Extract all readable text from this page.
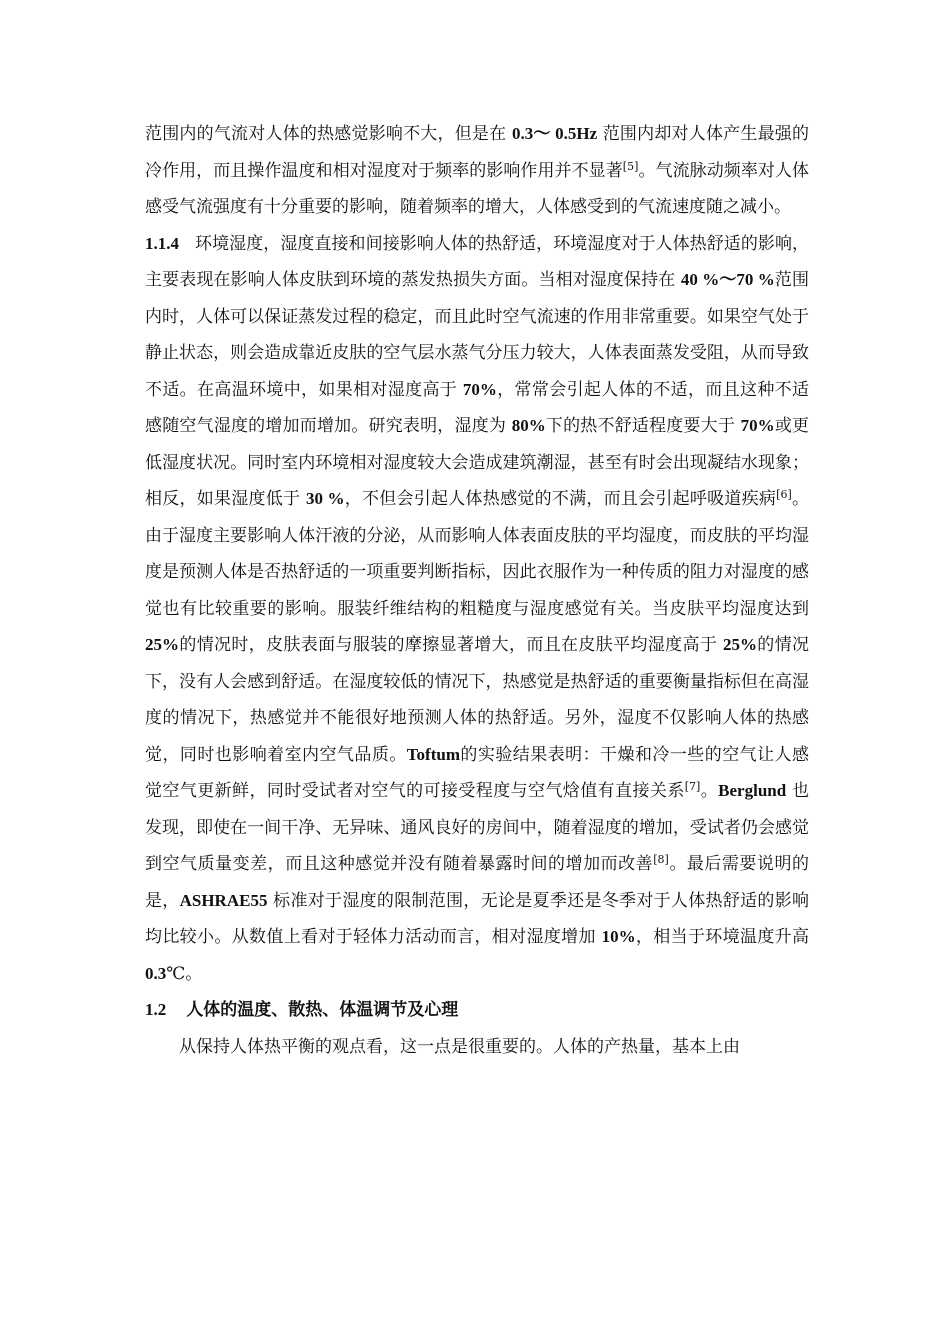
范围内的气流对人体的热感觉影响不大，但是在 0.3～ 0.5Hz 范围内却对人体产生最强的冷作用，而且操作温度和相对湿度对于频率的影响作用并不显著[5]。气流脉动频率对人体感受气流强度有十分重要的影响，随着频率的增大，人体感受到的气流速度随之减小。

1.1.4 环境湿度，湿度直接和间接影响人体的热舒适，环境湿度对于人体热舒适的影响，主要表现在影响人体皮肤到环境的蒸发热损失方面。当相对湿度保持在 40 %～70 %范围内时，人体可以保证蒸发过程的稳定，而且此时空气流速的作用非常重要。如果空气处于静止状态，则会造成靠近皮肤的空气层水蒸气分压力较大，人体表面蒸发受阻，从而导致不适。在高温环境中，如果相对湿度高于 70%，常常会引起人体的不适，而且这种不适感随空气湿度的增加而增加。研究表明，湿度为 80%下的热不舒适程度要大于 70%或更低湿度状况。同时室内环境相对湿度较大会造成建筑潮湿，甚至有时会出现凝结水现象；相反，如果湿度低于 30 %，不但会引起人体热感觉的不满，而且会引起呼吸道疾病[6]。由于湿度主要影响人体汗液的分泌，从而影响人体表面皮肤的平均湿度，而皮肤的平均湿度是预测人体是否热舒适的一项重要判断指标，因此衣服作为一种传质的阻力对湿度的感觉也有比较重要的影响。服装纤维结构的粗糙度与湿度感觉有关。当皮肤平均湿度达到 25%的情况时，皮肤表面与服装的摩擦显著增大，而且在皮肤平均湿度高于 25%的情况下，没有人会感到舒适。在湿度较低的情况下，热感觉是热舒适的重要衡量指标但在高湿度的情况下，热感觉并不能很好地预测人体的热舒适。另外，湿度不仅影响人体的热感觉，同时也影响着室内空气品质。Toftum的实验结果表明：干燥和冷一些的空气让人感觉空气更新鲜，同时受试者对空气的可接受程度与空气焓值有直接关系[7]。Berglund 也发现，即使在一间干净、无异味、通风良好的房间中，随着湿度的增加，受试者仍会感觉到空气质量变差，而且这种感觉并没有随着暴露时间的增加而改善[8]。最后需要说明的是，ASHRAE55 标准对于湿度的限制范围，无论是夏季还是冬季对于人体热舒适的影响均比较小。从数值上看对于轻体力活动而言，相对湿度增加 10%，相当于环境温度升高 0.3℃。

1.2 人体的温度、散热、体温调节及心理

从保持人体热平衡的观点看，这一点是很重要的。人体的产热量，基本上由
